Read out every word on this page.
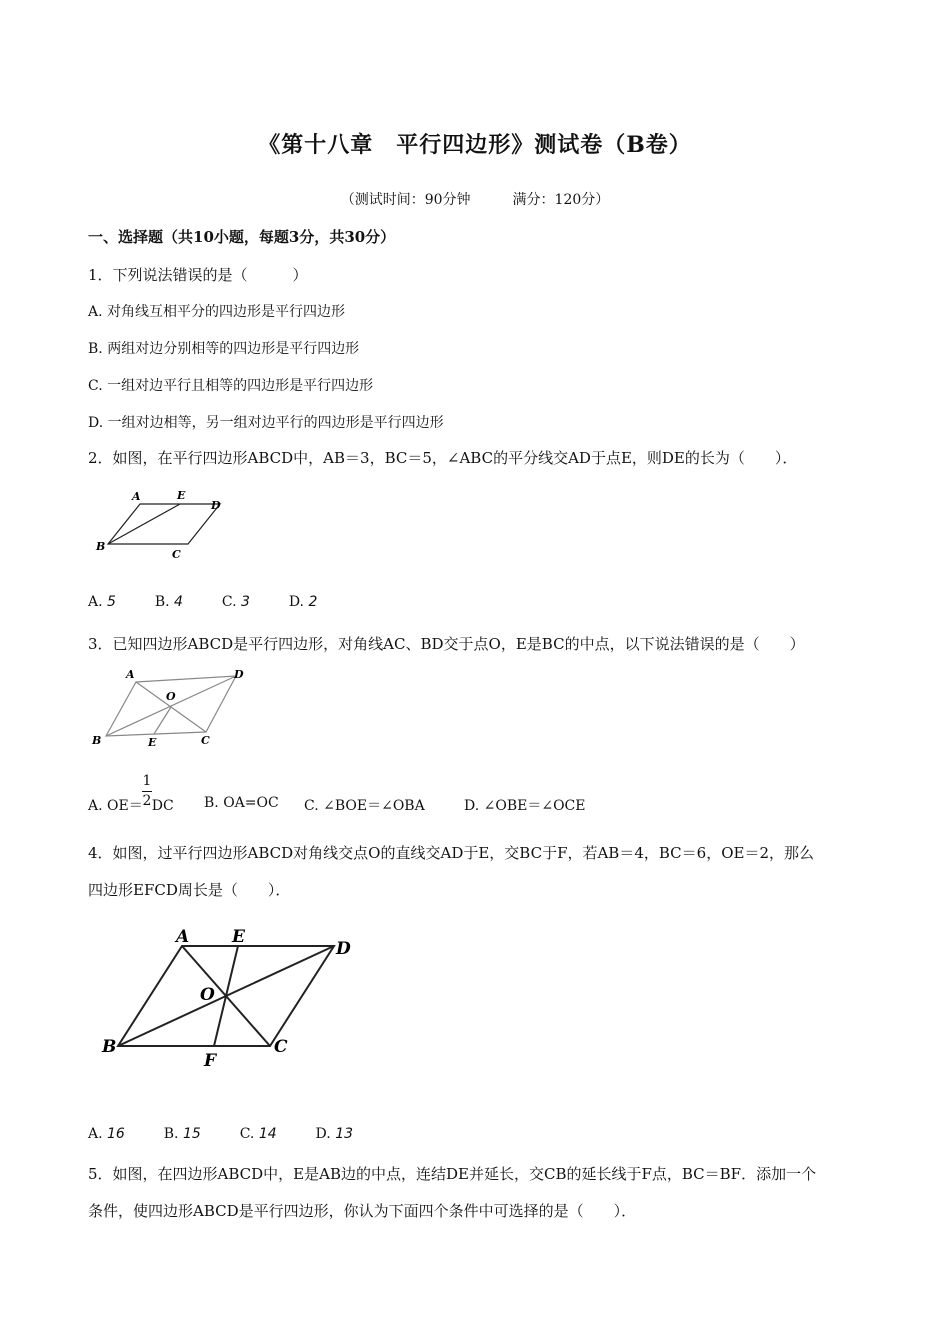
《第十八章　平行四边形》测试卷（B卷）
（测试时间：90分钟　　　满分：120分）
一、选择题（共10小题，每题3分，共30分）
1．下列说法错误的是（　　　）
A. 对角线互相平分的四边形是平行四边形
B. 两组对边分别相等的四边形是平行四边形
C. 一组对边平行且相等的四边形是平行四边形
D. 一组对边相等，另一组对边平行的四边形是平行四边形
2．如图，在平行四边形ABCD中，AB＝3，BC＝5，∠ABC的平分线交AD于点E，则DE的长为（　　）．
A	E
D
B
C
A. 5	B. 4	C. 3	D. 2
3．已知四边形ABCD是平行四边形，对角线AC、BD交于点O，E是BC的中点，以下说法错误的是（　　）
A	D
O
B	E	C
A. OE＝ DC
1
2	B. OA=OC C. ∠BOE＝∠OBA	D. ∠OBE＝∠OCE
4．如图，过平行四边形ABCD对角线交点O的直线交AD于E，交BC于F，若AB＝4，BC＝6，OE＝2，那么
四边形EFCD周长是（　　）．
A	E
D
O
B
F
C
A. 16	B. 15	C. 14	D. 13
5．如图，在四边形ABCD中，E是AB边的中点，连结DE并延长，交CB的延长线于F点，BC＝BF．添加一个
条件，使四边形ABCD是平行四边形，你认为下面四个条件中可选择的是（　　）．
